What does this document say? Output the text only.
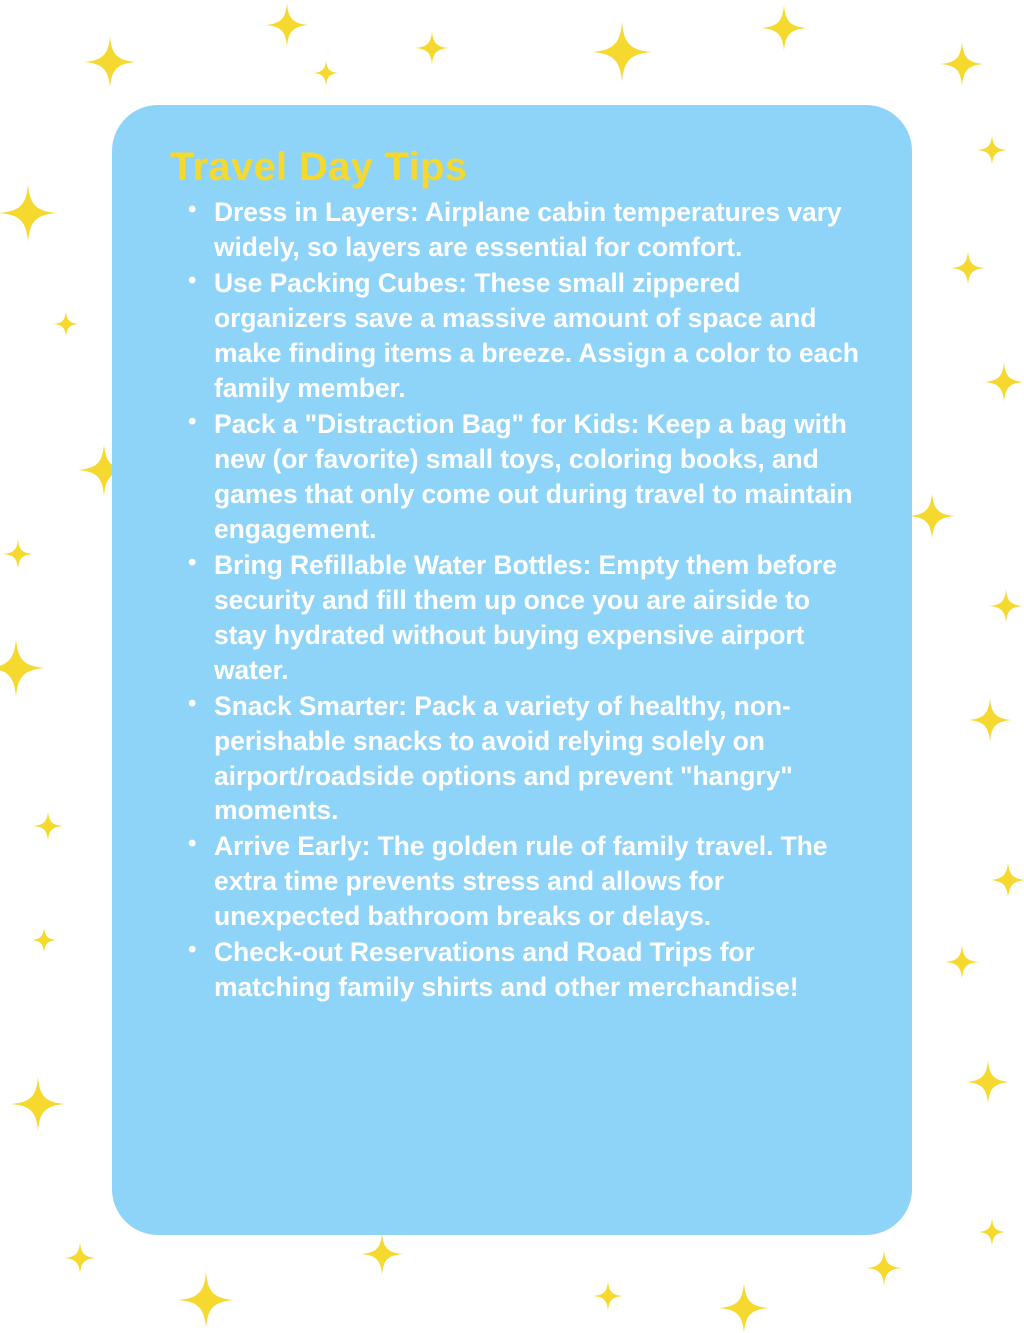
Travel Day Tips
• Dress in Layers: Airplane cabin temperatures vary widely, so layers are essential for comfort.
• Use Packing Cubes: These small zippered organizers save a massive amount of space and make finding items a breeze. Assign a color to each family member.
• Pack a "Distraction Bag" for Kids: Keep a bag with new (or favorite) small toys, coloring books, and games that only come out during travel to maintain engagement.
• Bring Refillable Water Bottles: Empty them before security and fill them up once you are airside to stay hydrated without buying expensive airport water.
• Snack Smarter: Pack a variety of healthy, non-perishable snacks to avoid relying solely on airport/roadside options and prevent "hangry" moments.
• Arrive Early: The golden rule of family travel. The extra time prevents stress and allows for unexpected bathroom breaks or delays.
• Check-out Reservations and Road Trips for matching family shirts and other merchandise!
